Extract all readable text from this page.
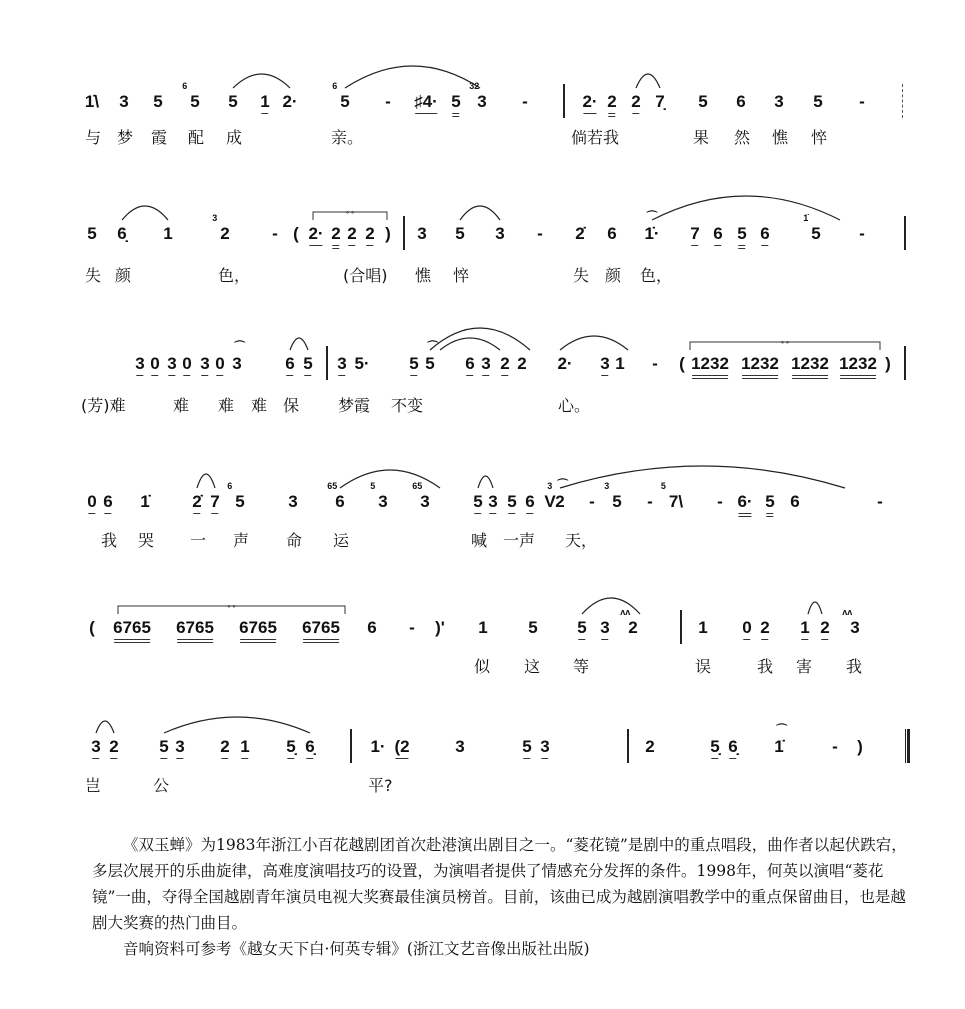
∘∘
∘∘
∘∘

《双玉蝉》为1983年浙江小百花越剧团首次赴港演出剧目之一。“菱花镜”是剧中的重点唱段，曲作者以起伏跌宕，多层次展开的乐曲旋律，高难度演唱技巧的设置，为演唱者提供了情感充分发挥的条件。1998年，何英以演唱“菱花镜”一曲，夺得全国越剧青年演员电视大奖赛最佳演员榜首。目前，该曲已成为越剧演唱教学中的重点保留曲目，也是越剧大奖赛的热门曲目。

音响资料可参考《越女天下白·何英专辑》(浙江文艺音像出版社出版)

1̇\ 3 5 5
6
5 1 2·	5
6
- ♯4· 5 3
32
-	2· 2 2 7̣ 5 6 3 5 -
与 梦 霞 配 成	亲。	倘若我	果 然 憔 悴
5 6̣ 1	2
3
- ( 2· 2 2 2 ) 3 5 3 - 2̇ 6 1̇·
⌒
7 6 5 6 5
1̇
-
失 颜	色，	(合唱) 憔 悴	失 颜 色，
3 0 3 0 3 0 3
⌒
6 5 3 5· 5 5
⌒
6 3 2 2 2· 3 1 - ( 1232 1232 1232 1232 )
(芳)难	难 难 难 保 梦霞 不变	心。
0 6 1̇	2̇ 7 5
6
3 6
65
3
5
3
65
5 3 5 6 V 2
3 ⌒
- 5
3
- 7\
5
- 6· 5 6	-
我 哭 一 声 命 运	喊 一声 天，
( 6765 6765 6765 6765 6 - )' 1 5 5 3 2
ʌʌ
1 0 2 1 2 3
ʌʌ
似 这 等	误	我 害 我
3 2 5 3 2 1 5̣ 6̣	1· (2	3	5 3	2	5̣ 6̣ 1̇
⌒
- )
岂	公	平?
